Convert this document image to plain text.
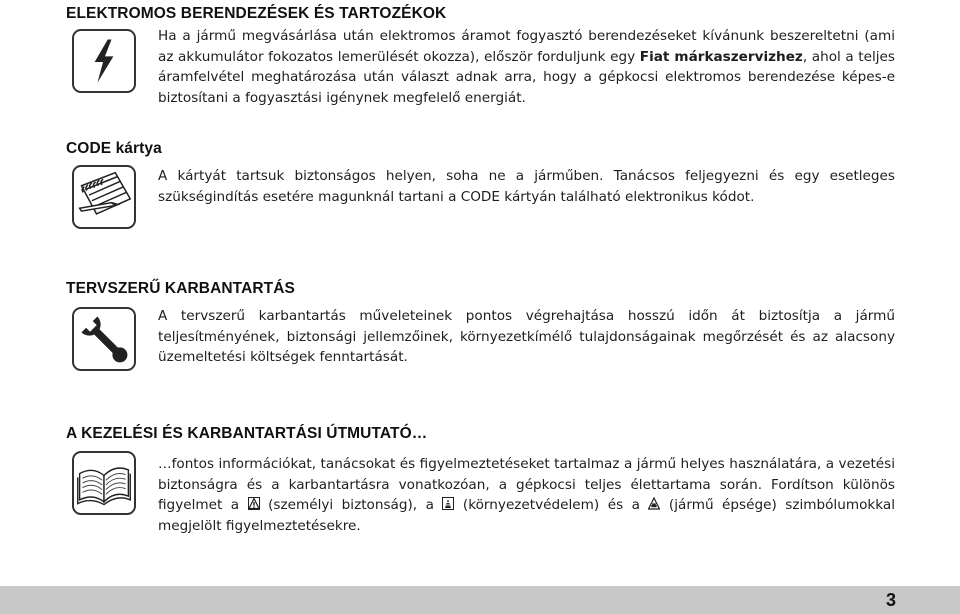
ELEKTROMOS BERENDEZÉSEK ÉS TARTOZÉKOK

Ha a jármű megvásárlása után elektromos áramot fogyasztó berendezéseket kívánunk beszereltetni (ami az akkumulátor fokozatos lemerülését okozza), először forduljunk egy Fiat márkaszervizhez, ahol a teljes áramfelvétel meghatározása után választ adnak arra, hogy a gépkocsi elektromos berendezése képes-e biztosítani a fogyasztási igénynek megfelelő energiát.

CODE kártya

A kártyát tartsuk biztonságos helyen, soha ne a járműben. Tanácsos feljegyezni és egy esetleges szükségindítás esetére magunknál tartani a CODE kártyán található elektronikus kódot.

TERVSZERŰ KARBANTARTÁS

A tervszerű karbantartás műveleteinek pontos végrehajtása hosszú időn át biztosítja a jármű teljesítményének, biztonsági jellemzőinek, környezetkímélő tulajdonságainak megőrzését és az alacsony üzemeltetési költségek fenntartását.

A KEZELÉSI ÉS KARBANTARTÁSI ÚTMUTATÓ…

…fontos információkat, tanácsokat és figyelmeztetéseket tartalmaz a jármű helyes használatára, a vezetési biztonságra és a karbantartásra vonatkozóan, a gépkocsi teljes élettartama során. Fordítson különös figyelmet a
(személyi biztonság), a
(környezetvédelem) és a
(jármű épsége) szimbólumokkal megjelölt figyelmeztetésekre.

3
